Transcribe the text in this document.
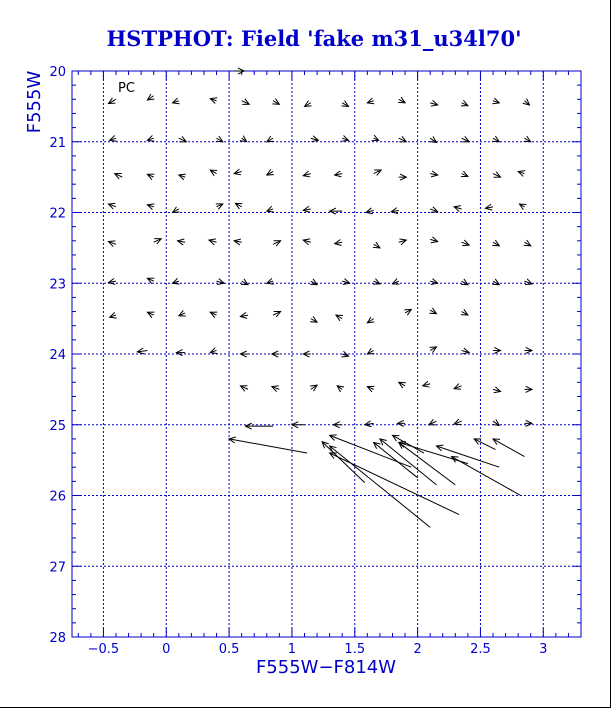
HSTPHOT: Field 'fake m31_u34l70'
−0.5	0	0.5	1	1.5	2	2.5	3
20
21
22
23
24
25
26
27
28
PC
F555W−F814W
F555W
